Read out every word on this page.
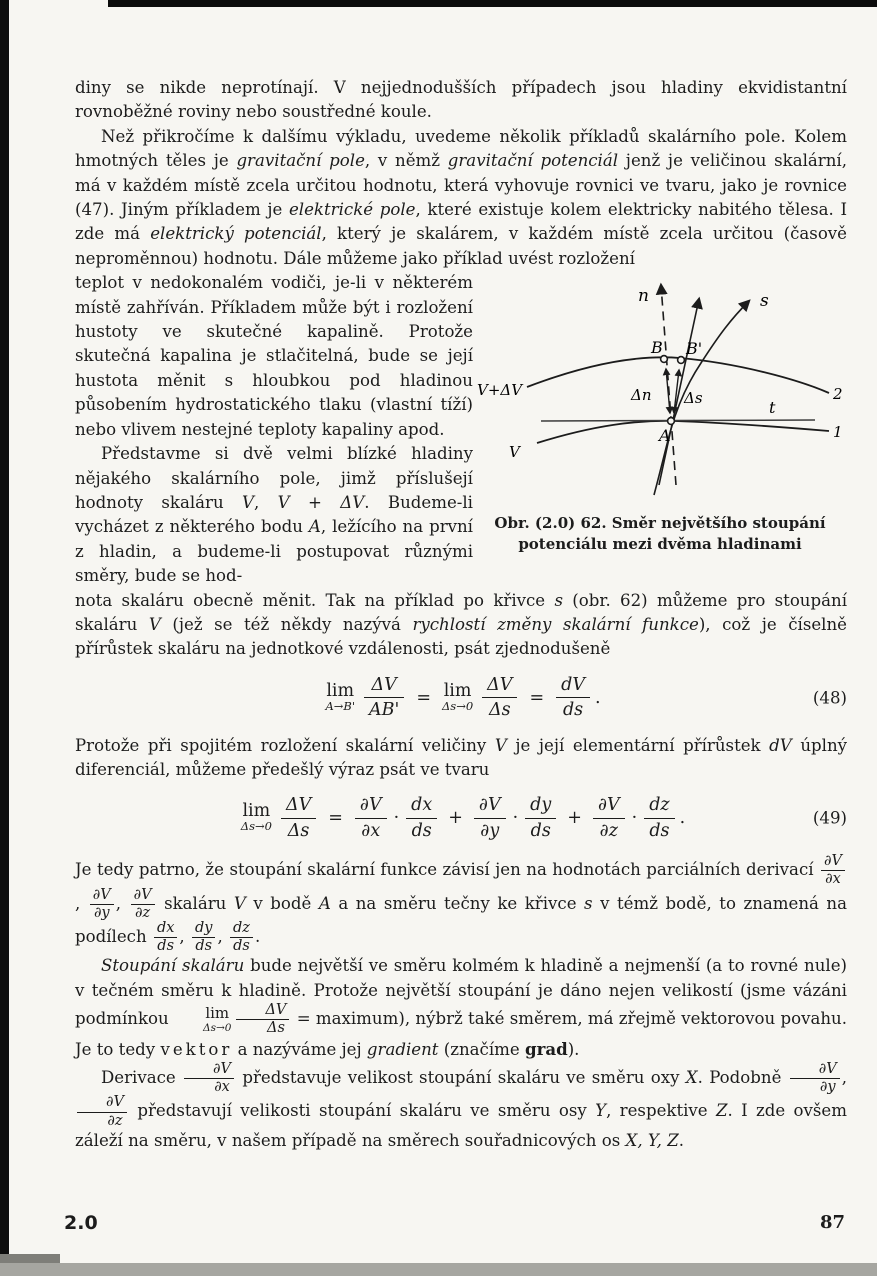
diny se nikde neprotínají. V nejjednodušších případech jsou hladiny ekvidistantní rovnoběžné roviny nebo soustředné koule.

Než přikročíme k dalšímu výkladu, uvedeme několik příkladů skalárního pole. Kolem hmotných těles je gravitační pole, v němž gravitační potenciál jenž je veličinou skalární, má v každém místě zcela určitou hodnotu, která vyhovuje rovnici ve tvaru, jako je rovnice (47). Jiným příkladem je elektrické pole, které existuje kolem elektricky nabitého tělesa. I zde má elektrický potenciál, který je skalárem, v každém místě zcela určitou (časově neproměnnou) hodnotu. Dále můžeme jako příklad uvést rozložení

teplot v nedokonalém vodiči, je-li v některém místě zahříván. Příkladem může být i rozložení hustoty ve skutečné kapalině. Protože skutečná kapalina je stlačitelná, bude se její hustota měnit s hloubkou pod hladinou působením hydrostatického tlaku (vlastní tíží) nebo vlivem nestejné teploty kapaliny apod.

Představme si dvě velmi blízké hladiny nějakého skalárního pole, jimž příslušejí hodnoty skaláru V, V + ΔV. Budeme-li vycházet z některého bodu A, ležícího na první z hladin, a budeme-li postupovat různými směry, bude se hod-

n	s
B B'
A
Δn Δs
V+ΔV
V
t
2
1
Obr. (2.0) 62. Směr největšího stoupání
potenciálu mezi dvěma hladinami

nota skaláru obecně měnit. Tak na příklad po křivce s (obr. 62) můžeme pro stoupání skaláru V (jež se též někdy nazývá rychlostí změny skalární funkce), což je číselně přírůstek skaláru na jednotkové vzdálenosti, psát zjednodušeně

lim
$A\to B' \frac{\Delta V}{AB'} = \lim$
$\Delta s\to 0 \frac{\Delta V}{\Delta s} = \frac{dV}{ds}$ .	(48)

Protože při spojitém rozložení skalární veličiny V je její elementární přírůstek dV úplný diferenciál, můžeme předešlý výraz psát ve tvaru

lim
$\Delta s\to 0 \frac{\Delta V}{\Delta s} = \frac{\partial V}{\partial x} \cdot \frac{dx}{ds} + \frac{\partial V}{\partial y} \cdot \frac{dy}{ds} + \frac{\partial V}{\partial z} \cdot \frac{dz}{ds}$ .	(49)

Je tedy patrno, že stoupání skalární funkce závisí jen na hodnotách parciálních derivací $\frac{\partial V}{\partial x}$
, $\frac{\partial V}{\partial y}$ , $\frac{\partial V}{\partial z}$ skaláru V v bodě A a na směru tečny ke křivce s v témž bodě, to znamená na podílech $\frac{dx}{ds}$ , $\frac{dy}{ds}$ , $\frac{dz}{ds}$ .

Stoupání skaláru bude největší ve směru kolmém k hladině a nejmenší (a to rovné nule) v tečném směru k hladině. Protože největší stoupání je dáno nejen velikostí (jsme vázáni podmínkou	lim
$\Delta s\to 0 \frac{\Delta V}{\Delta s}$ = maximum), nýbrž také směrem, má zřejmě vektorovou povahu. Je to tedy vektor a nazýváme jej gradient (značíme grad).

Derivace $\frac{\partial V}{\partial x}$ představuje velikost stoupání skaláru ve směru oxy X. Podobně $\frac{\partial V}{\partial y}$ ,
$\frac{\partial V}{\partial z}$ představují velikosti stoupání skaláru ve směru osy Y, respektive Z. I zde ovšem záleží na směru, v našem případě na směrech souřadnicových os X, Y, Z.

2.0	87
